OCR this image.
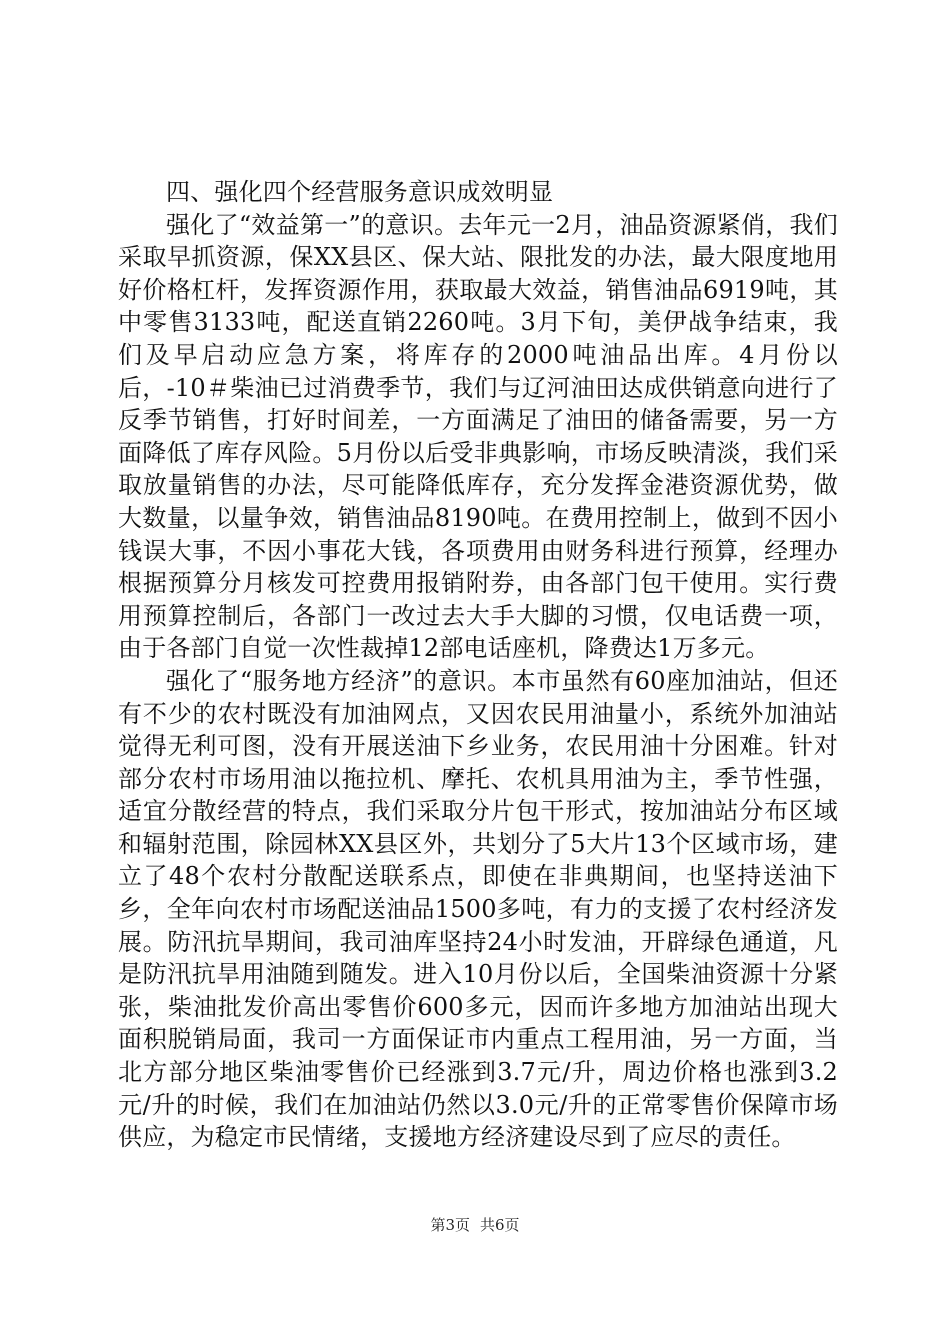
四、强化四个经营服务意识成效明显

强化了“效益第一”的意识。去年元一2月，油品资源紧俏，我们采取早抓资源，保XX县区、保大站、限批发的办法，最大限度地用好价格杠杆，发挥资源作用，获取最大效益，销售油品6919吨，其中零售3133吨，配送直销2260吨。3月下旬，美伊战争结束，我们及早启动应急方案，将库存的2000吨油品出库。4月份以后，-10＃柴油已过消费季节，我们与辽河油田达成供销意向进行了反季节销售，打好时间差，一方面满足了油田的储备需要，另一方面降低了库存风险。5月份以后受非典影响，市场反映清淡，我们采取放量销售的办法，尽可能降低库存，充分发挥金港资源优势，做大数量，以量争效，销售油品8190吨。在费用控制上，做到不因小钱误大事，不因小事花大钱，各项费用由财务科进行预算，经理办根据预算分月核发可控费用报销附券，由各部门包干使用。实行费用预算控制后，各部门一改过去大手大脚的习惯，仅电话费一项，由于各部门自觉一次性裁掉12部电话座机，降费达1万多元。

强化了“服务地方经济”的意识。本市虽然有60座加油站，但还有不少的农村既没有加油网点，又因农民用油量小，系统外加油站觉得无利可图，没有开展送油下乡业务，农民用油十分困难。针对部分农村市场用油以拖拉机、摩托、农机具用油为主，季节性强，适宜分散经营的特点，我们采取分片包干形式，按加油站分布区域和辐射范围，除园林XX县区外，共划分了5大片13个区域市场，建立了48个农村分散配送联系点，即使在非典期间，也坚持送油下乡，全年向农村市场配送油品1500多吨，有力的支援了农村经济发展。防汛抗旱期间，我司油库坚持24小时发油，开辟绿色通道，凡是防汛抗旱用油随到随发。进入10月份以后，全国柴油资源十分紧张，柴油批发价高出零售价600多元，因而许多地方加油站出现大面积脱销局面，我司一方面保证市内重点工程用油，另一方面，当北方部分地区柴油零售价已经涨到3.7元/升，周边价格也涨到3.2元/升的时候，我们在加油站仍然以3.0元/升的正常零售价保障市场供应，为稳定市民情绪，支援地方经济建设尽到了应尽的责任。

第3页 共6页
